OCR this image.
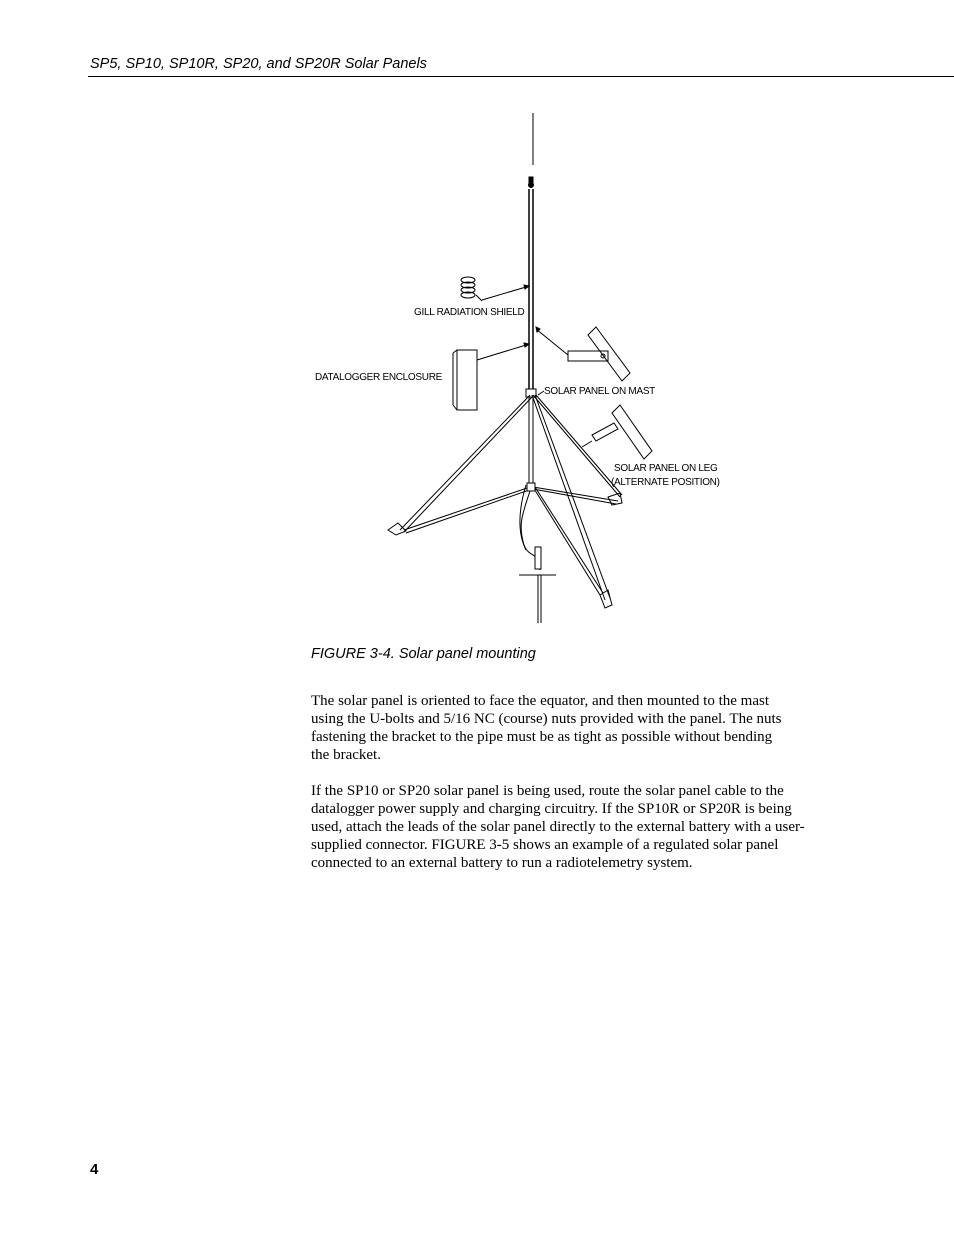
SP5, SP10, SP10R, SP20, and SP20R Solar Panels
GILL RADIATION SHIELD
DATALOGGER ENCLOSURE
SOLAR PANEL ON MAST
SOLAR PANEL ON LEG
(ALTERNATE POSITION)
FIGURE 3-4. Solar panel mounting

The solar panel is oriented to face the equator, and then mounted to the mast
using the U-bolts and 5/16 NC (course) nuts provided with the panel. The nuts
fastening the bracket to the pipe must be as tight as possible without bending
the bracket.

If the SP10 or SP20 solar panel is being used, route the solar panel cable to the
datalogger power supply and charging circuitry. If the SP10R or SP20R is being
used, attach the leads of the solar panel directly to the external battery with a user-
supplied connector. FIGURE 3-5 shows an example of a regulated solar panel
connected to an external battery to run a radiotelemetry system.

4
